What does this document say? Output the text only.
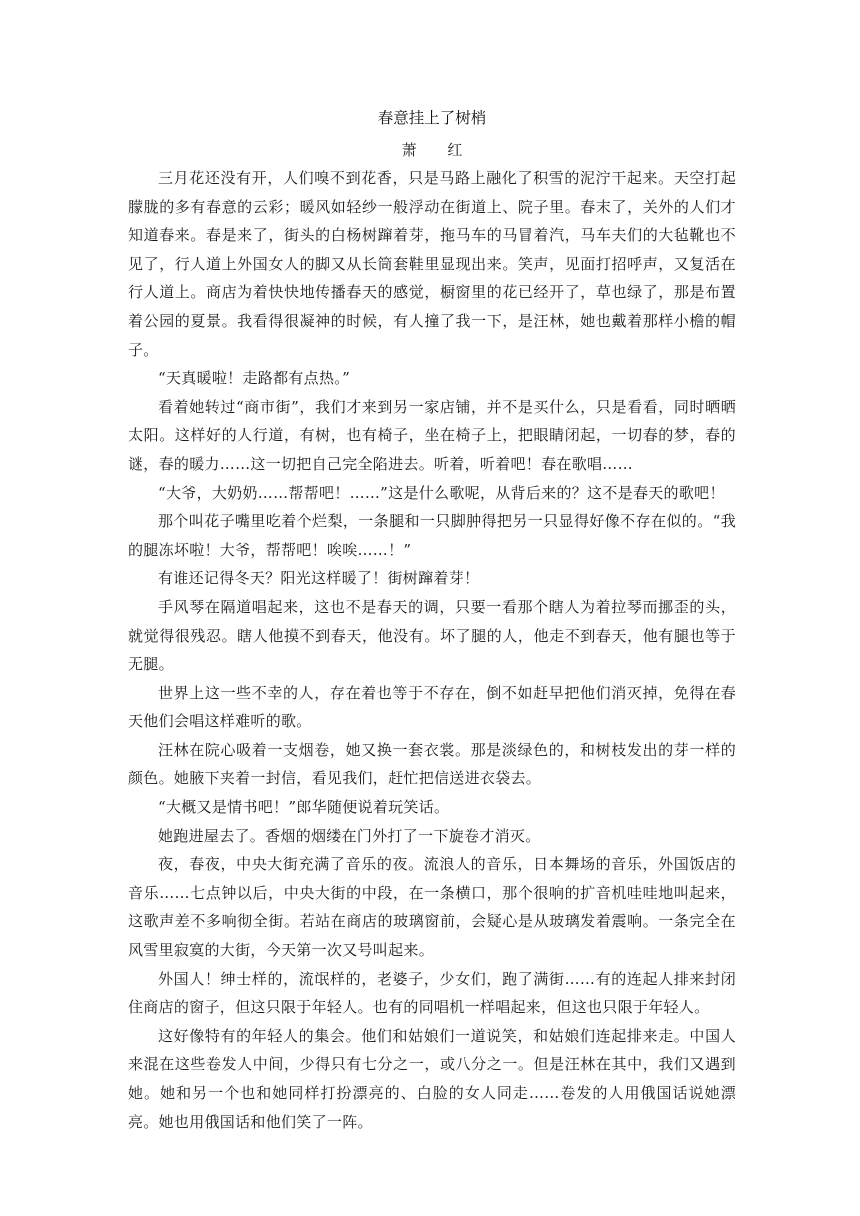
春意挂上了树梢
萧 红

三月花还没有开，人们嗅不到花香，只是马路上融化了积雪的泥泞干起来。天空打起朦胧的多有春意的云彩；暖风如轻纱一般浮动在街道上、院子里。春末了，关外的人们才知道春来。春是来了，街头的白杨树蹿着芽，拖马车的马冒着汽，马车夫们的大毡靴也不见了，行人道上外国女人的脚又从长筒套鞋里显现出来。笑声，见面打招呼声，又复活在行人道上。商店为着快快地传播春天的感觉，橱窗里的花已经开了，草也绿了，那是布置着公园的夏景。我看得很凝神的时候，有人撞了我一下，是汪林，她也戴着那样小檐的帽子。

“天真暖啦！走路都有点热。”

看着她转过“商市街”，我们才来到另一家店铺，并不是买什么，只是看看，同时晒晒太阳。这样好的人行道，有树，也有椅子，坐在椅子上，把眼睛闭起，一切春的梦，春的谜，春的暖力……这一切把自己完全陷进去。听着，听着吧！春在歌唱……

“大爷，大奶奶……帮帮吧！……”这是什么歌呢，从背后来的？这不是春天的歌吧！

那个叫花子嘴里吃着个烂梨，一条腿和一只脚肿得把另一只显得好像不存在似的。“我的腿冻坏啦！大爷，帮帮吧！唉唉……！”

有谁还记得冬天？阳光这样暖了！街树蹿着芽！

手风琴在隔道唱起来，这也不是春天的调，只要一看那个瞎人为着拉琴而挪歪的头，就觉得很残忍。瞎人他摸不到春天，他没有。坏了腿的人，他走不到春天，他有腿也等于无腿。

世界上这一些不幸的人，存在着也等于不存在，倒不如赶早把他们消灭掉，免得在春天他们会唱这样难听的歌。

汪林在院心吸着一支烟卷，她又换一套衣裳。那是淡绿色的，和树枝发出的芽一样的颜色。她腋下夹着一封信，看见我们，赶忙把信送进衣袋去。

“大概又是情书吧！”郎华随便说着玩笑话。

她跑进屋去了。香烟的烟缕在门外打了一下旋卷才消灭。

夜，春夜，中央大街充满了音乐的夜。流浪人的音乐，日本舞场的音乐，外国饭店的音乐……七点钟以后，中央大街的中段，在一条横口，那个很响的扩音机哇哇地叫起来，这歌声差不多响彻全街。若站在商店的玻璃窗前，会疑心是从玻璃发着震响。一条完全在风雪里寂寞的大街，今天第一次又号叫起来。

外国人！绅士样的，流氓样的，老婆子，少女们，跑了满街……有的连起人排来封闭住商店的窗子，但这只限于年轻人。也有的同唱机一样唱起来，但这也只限于年轻人。

这好像特有的年轻人的集会。他们和姑娘们一道说笑，和姑娘们连起排来走。中国人来混在这些卷发人中间，少得只有七分之一，或八分之一。但是汪林在其中，我们又遇到她。她和另一个也和她同样打扮漂亮的、白脸的女人同走……卷发的人用俄国话说她漂亮。她也用俄国话和他们笑了一阵。
